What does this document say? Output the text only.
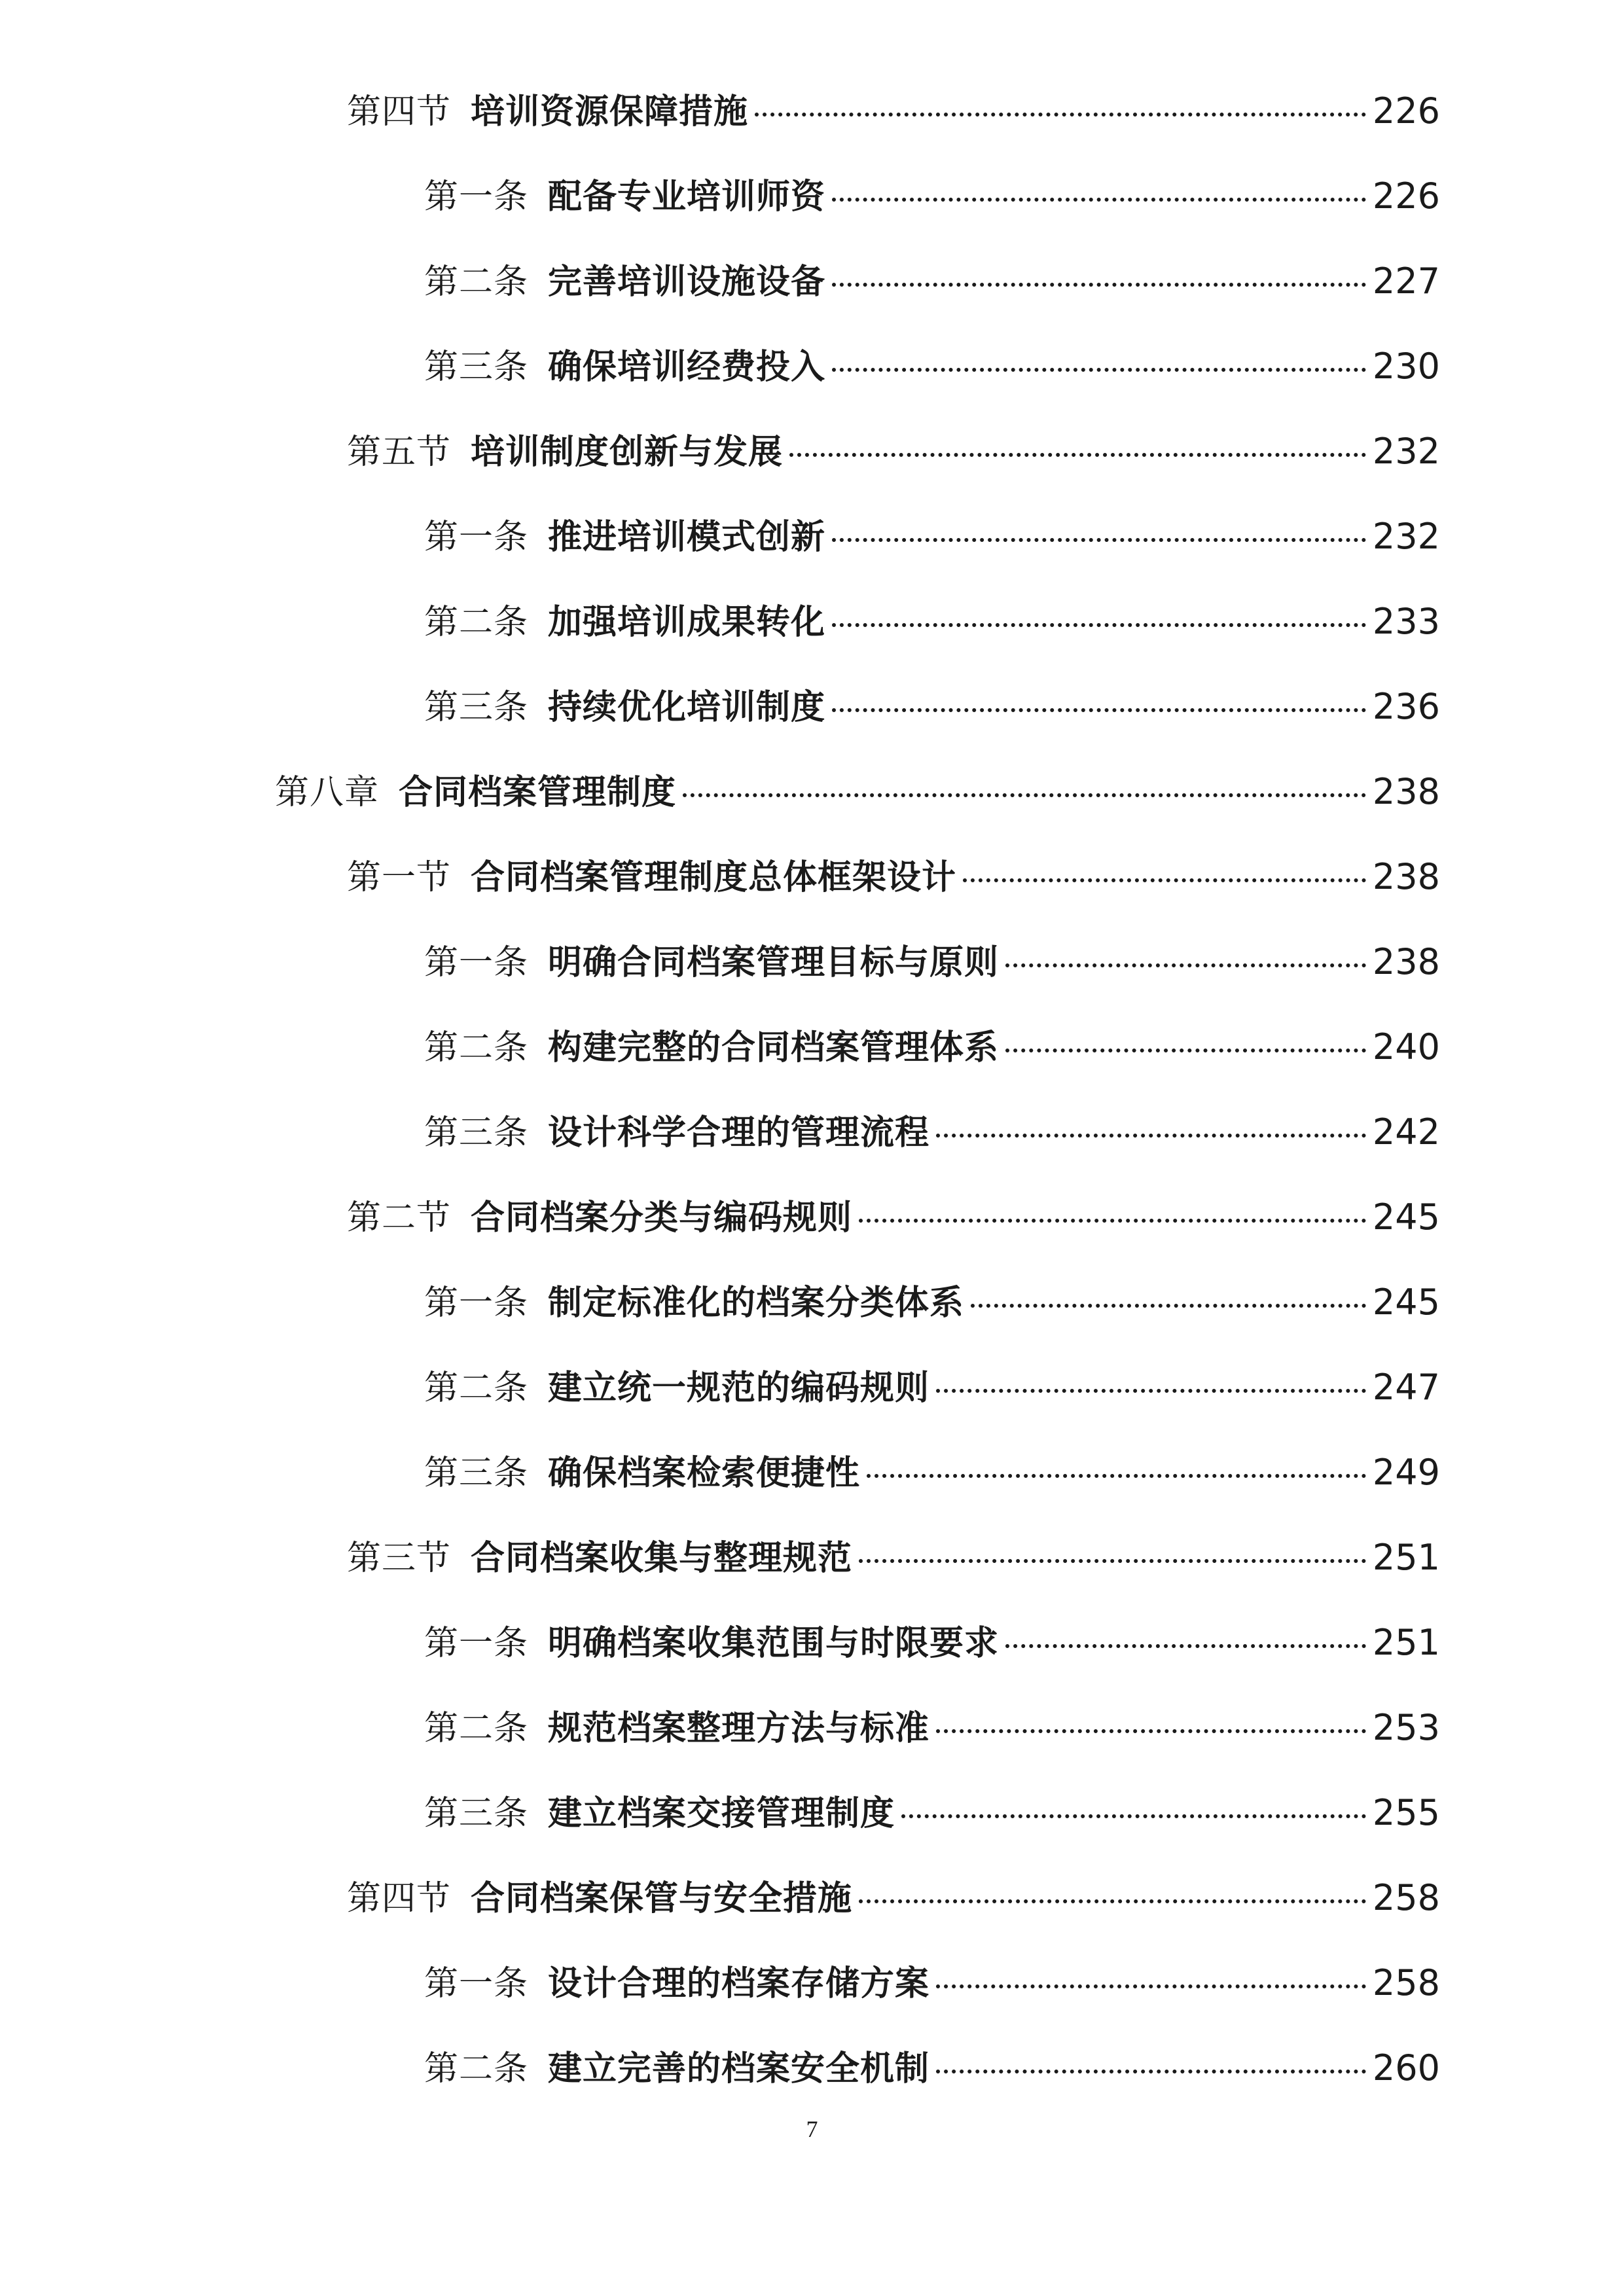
第四节 培训资源保障措施	226
第一条 配备专业培训师资	226
第二条 完善培训设施设备	227
第三条 确保培训经费投入	230
第五节 培训制度创新与发展	232
第一条 推进培训模式创新	232
第二条 加强培训成果转化	233
第三条 持续优化培训制度	236
第八章 合同档案管理制度	238
第一节 合同档案管理制度总体框架设计	238
第一条 明确合同档案管理目标与原则	238
第二条 构建完整的合同档案管理体系	240
第三条 设计科学合理的管理流程	242
第二节 合同档案分类与编码规则	245
第一条 制定标准化的档案分类体系	245
第二条 建立统一规范的编码规则	247
第三条 确保档案检索便捷性	249
第三节 合同档案收集与整理规范	251
第一条 明确档案收集范围与时限要求	251
第二条 规范档案整理方法与标准	253
第三条 建立档案交接管理制度	255
第四节 合同档案保管与安全措施	258
第一条 设计合理的档案存储方案	258
第二条 建立完善的档案安全机制	260
7
